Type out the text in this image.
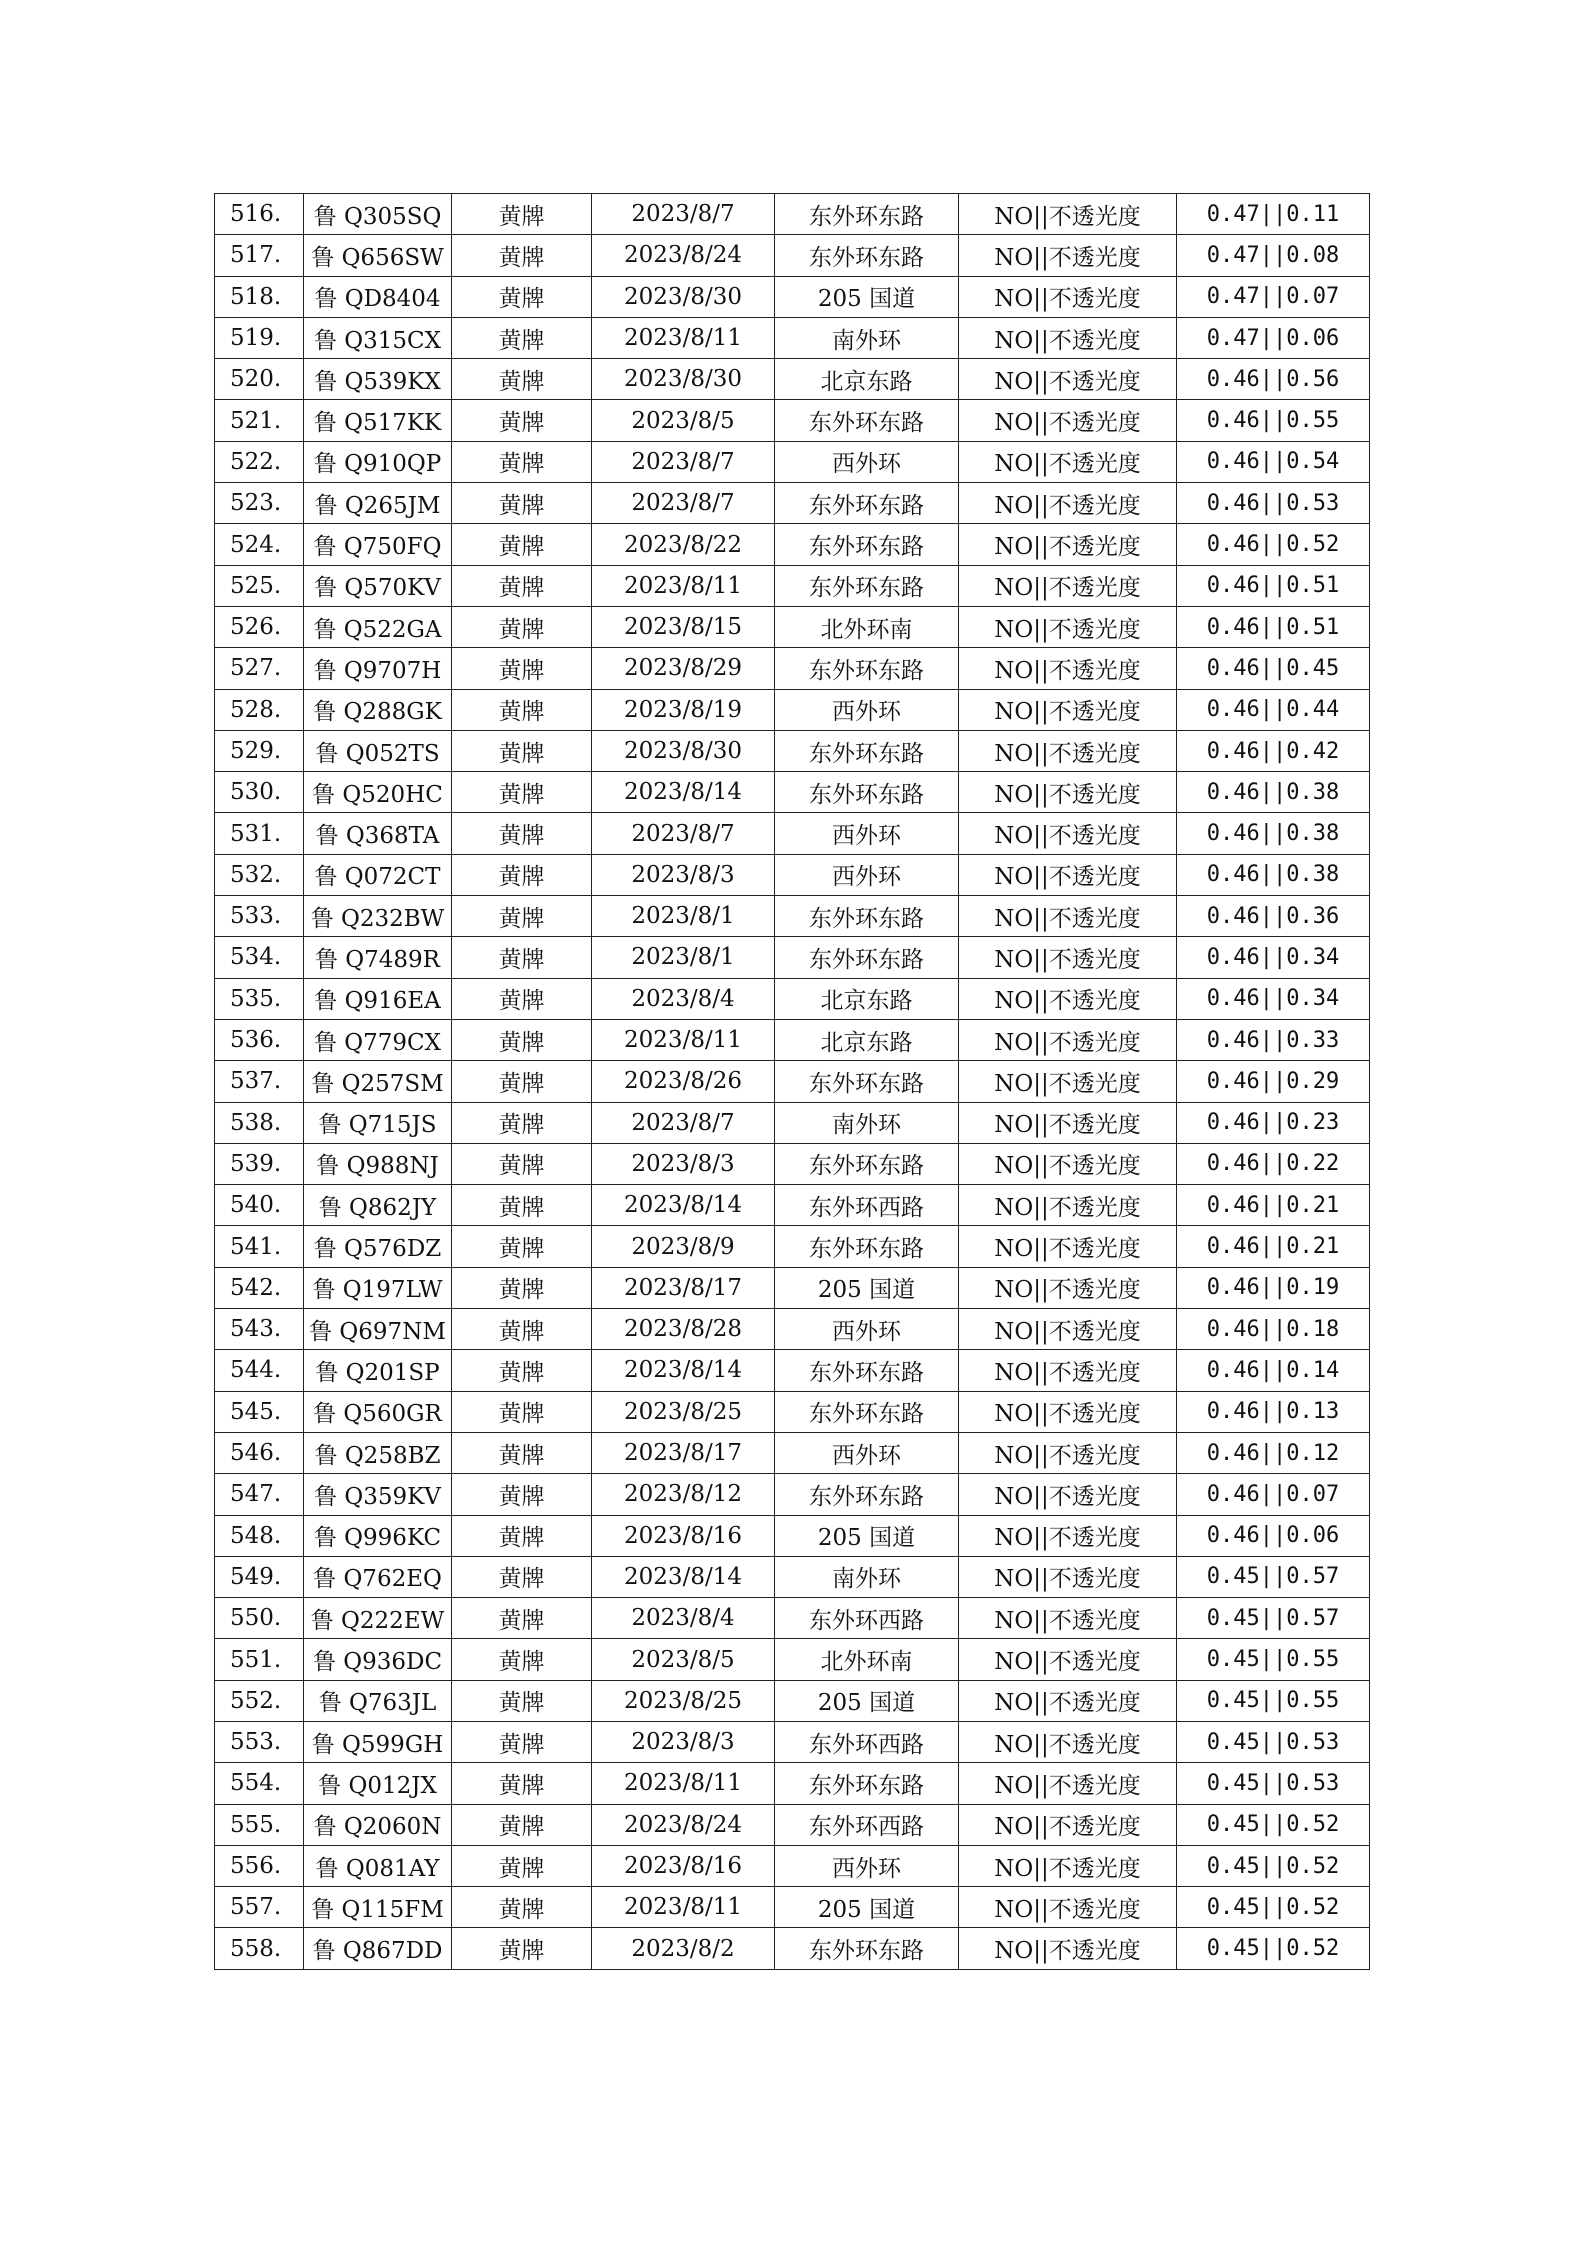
516.	鲁 Q305SQ	黄牌	2023/8/7	东外环东路	NO||不透光度	0.47||0.11
517.	鲁 Q656SW	黄牌	2023/8/24	东外环东路	NO||不透光度	0.47||0.08
518.	鲁 QD8404	黄牌	2023/8/30	205 国道	NO||不透光度	0.47||0.07
519.	鲁 Q315CX	黄牌	2023/8/11	南外环	NO||不透光度	0.47||0.06
520.	鲁 Q539KX	黄牌	2023/8/30	北京东路	NO||不透光度	0.46||0.56
521.	鲁 Q517KK	黄牌	2023/8/5	东外环东路	NO||不透光度	0.46||0.55
522.	鲁 Q910QP	黄牌	2023/8/7	西外环	NO||不透光度	0.46||0.54
523.	鲁 Q265JM	黄牌	2023/8/7	东外环东路	NO||不透光度	0.46||0.53
524.	鲁 Q750FQ	黄牌	2023/8/22	东外环东路	NO||不透光度	0.46||0.52
525.	鲁 Q570KV	黄牌	2023/8/11	东外环东路	NO||不透光度	0.46||0.51
526.	鲁 Q522GA	黄牌	2023/8/15	北外环南	NO||不透光度	0.46||0.51
527.	鲁 Q9707H	黄牌	2023/8/29	东外环东路	NO||不透光度	0.46||0.45
528.	鲁 Q288GK	黄牌	2023/8/19	西外环	NO||不透光度	0.46||0.44
529.	鲁 Q052TS	黄牌	2023/8/30	东外环东路	NO||不透光度	0.46||0.42
530.	鲁 Q520HC	黄牌	2023/8/14	东外环东路	NO||不透光度	0.46||0.38
531.	鲁 Q368TA	黄牌	2023/8/7	西外环	NO||不透光度	0.46||0.38
532.	鲁 Q072CT	黄牌	2023/8/3	西外环	NO||不透光度	0.46||0.38
533.	鲁 Q232BW	黄牌	2023/8/1	东外环东路	NO||不透光度	0.46||0.36
534.	鲁 Q7489R	黄牌	2023/8/1	东外环东路	NO||不透光度	0.46||0.34
535.	鲁 Q916EA	黄牌	2023/8/4	北京东路	NO||不透光度	0.46||0.34
536.	鲁 Q779CX	黄牌	2023/8/11	北京东路	NO||不透光度	0.46||0.33
537.	鲁 Q257SM	黄牌	2023/8/26	东外环东路	NO||不透光度	0.46||0.29
538.	鲁 Q715JS	黄牌	2023/8/7	南外环	NO||不透光度	0.46||0.23
539.	鲁 Q988NJ	黄牌	2023/8/3	东外环东路	NO||不透光度	0.46||0.22
540.	鲁 Q862JY	黄牌	2023/8/14	东外环西路	NO||不透光度	0.46||0.21
541.	鲁 Q576DZ	黄牌	2023/8/9	东外环东路	NO||不透光度	0.46||0.21
542.	鲁 Q197LW	黄牌	2023/8/17	205 国道	NO||不透光度	0.46||0.19
543.	鲁 Q697NM	黄牌	2023/8/28	西外环	NO||不透光度	0.46||0.18
544.	鲁 Q201SP	黄牌	2023/8/14	东外环东路	NO||不透光度	0.46||0.14
545.	鲁 Q560GR	黄牌	2023/8/25	东外环东路	NO||不透光度	0.46||0.13
546.	鲁 Q258BZ	黄牌	2023/8/17	西外环	NO||不透光度	0.46||0.12
547.	鲁 Q359KV	黄牌	2023/8/12	东外环东路	NO||不透光度	0.46||0.07
548.	鲁 Q996KC	黄牌	2023/8/16	205 国道	NO||不透光度	0.46||0.06
549.	鲁 Q762EQ	黄牌	2023/8/14	南外环	NO||不透光度	0.45||0.57
550.	鲁 Q222EW	黄牌	2023/8/4	东外环西路	NO||不透光度	0.45||0.57
551.	鲁 Q936DC	黄牌	2023/8/5	北外环南	NO||不透光度	0.45||0.55
552.	鲁 Q763JL	黄牌	2023/8/25	205 国道	NO||不透光度	0.45||0.55
553.	鲁 Q599GH	黄牌	2023/8/3	东外环西路	NO||不透光度	0.45||0.53
554.	鲁 Q012JX	黄牌	2023/8/11	东外环东路	NO||不透光度	0.45||0.53
555.	鲁 Q2060N	黄牌	2023/8/24	东外环西路	NO||不透光度	0.45||0.52
556.	鲁 Q081AY	黄牌	2023/8/16	西外环	NO||不透光度	0.45||0.52
557.	鲁 Q115FM	黄牌	2023/8/11	205 国道	NO||不透光度	0.45||0.52
558.	鲁 Q867DD	黄牌	2023/8/2	东外环东路	NO||不透光度	0.45||0.52
